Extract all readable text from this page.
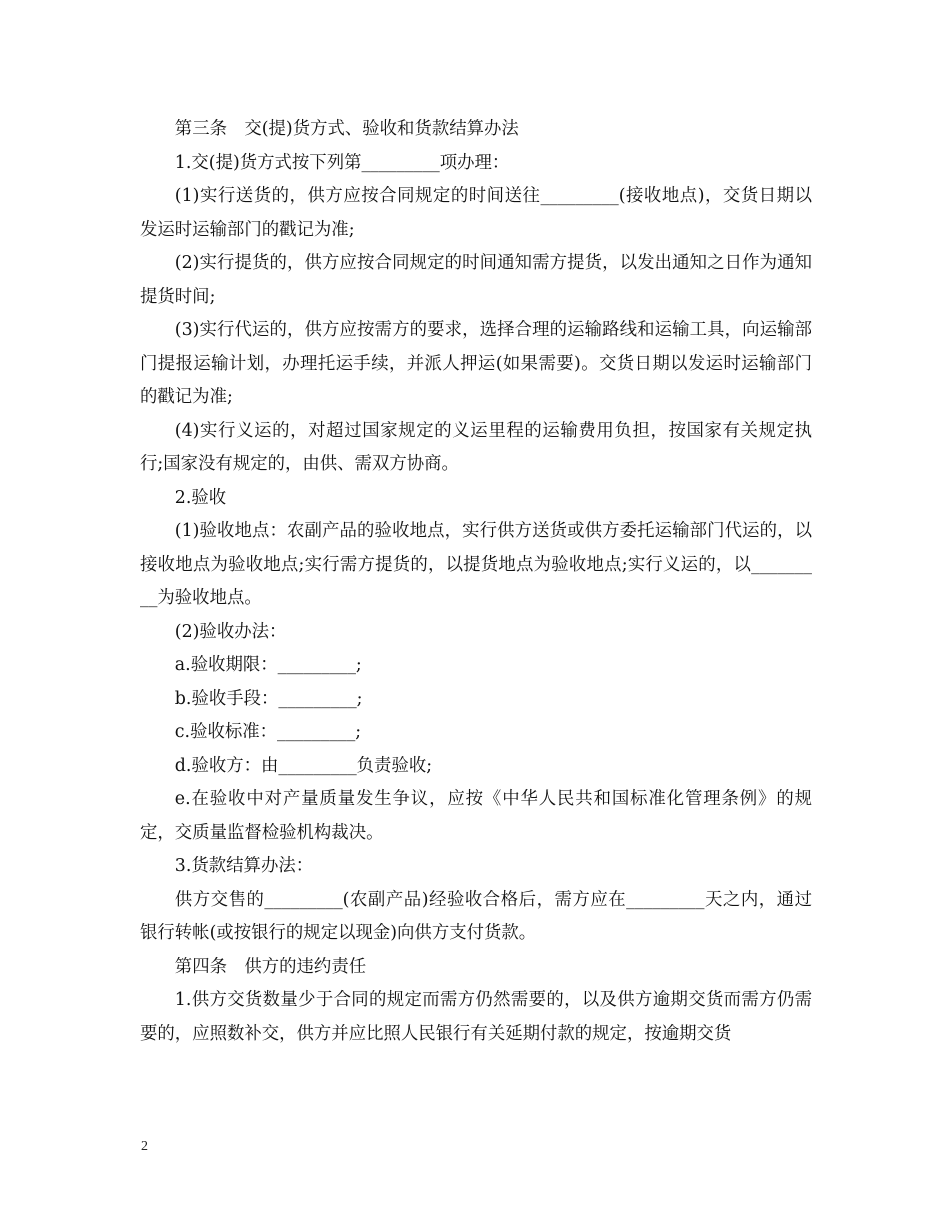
第三条　交(提)货方式、验收和货款结算办法

1.交(提)货方式按下列第_________项办理：

(1)实行送货的，供方应按合同规定的时间送往_________(接收地点)，交货日期以发运时运输部门的戳记为准;

(2)实行提货的，供方应按合同规定的时间通知需方提货，以发出通知之日作为通知提货时间;

(3)实行代运的，供方应按需方的要求，选择合理的运输路线和运输工具，向运输部门提报运输计划，办理托运手续，并派人押运(如果需要)。交货日期以发运时运输部门的戳记为准;

(4)实行义运的，对超过国家规定的义运里程的运输费用负担，按国家有关规定执行;国家没有规定的，由供、需双方协商。

2.验收

(1)验收地点：农副产品的验收地点，实行供方送货或供方委托运输部门代运的，以接收地点为验收地点;实行需方提货的，以提货地点为验收地点;实行义运的，以_________为验收地点。

(2)验收办法：

a.验收期限：_________;

b.验收手段：_________;

c.验收标准：_________;

d.验收方：由_________负责验收;

e.在验收中对产量质量发生争议，应按《中华人民共和国标准化管理条例》的规定，交质量监督检验机构裁决。

3.货款结算办法：

供方交售的_________(农副产品)经验收合格后，需方应在_________天之内，通过银行转帐(或按银行的规定以现金)向供方支付货款。

第四条　供方的违约责任

1.供方交货数量少于合同的规定而需方仍然需要的，以及供方逾期交货而需方仍需要的，应照数补交，供方并应比照人民银行有关延期付款的规定，按逾期交货

2
